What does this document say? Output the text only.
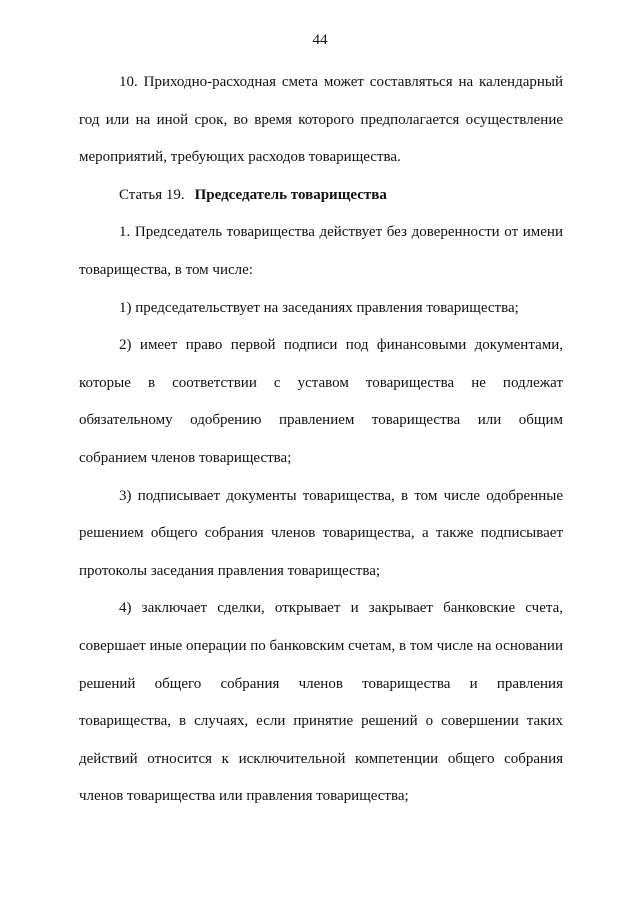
44

10. Приходно-расходная смета может составляться на календарный год или на иной срок, во время которого предполагается осуществление мероприятий, требующих расходов товарищества.

Статья 19. Председатель товарищества

1. Председатель товарищества действует без доверенности от имени товарищества, в том числе:

1) председательствует на заседаниях правления товарищества;

2) имеет право первой подписи под финансовыми документами, которые в соответствии с уставом товарищества не подлежат обязательному одобрению правлением товарищества или общим собранием членов товарищества;

3) подписывает документы товарищества, в том числе одобренные решением общего собрания членов товарищества, а также подписывает протоколы заседания правления товарищества;

4) заключает сделки, открывает и закрывает банковские счета, совершает иные операции по банковским счетам, в том числе на основании решений общего собрания членов товарищества и правления товарищества, в случаях, если принятие решений о совершении таких действий относится к исключительной компетенции общего собрания членов товарищества или правления товарищества;
